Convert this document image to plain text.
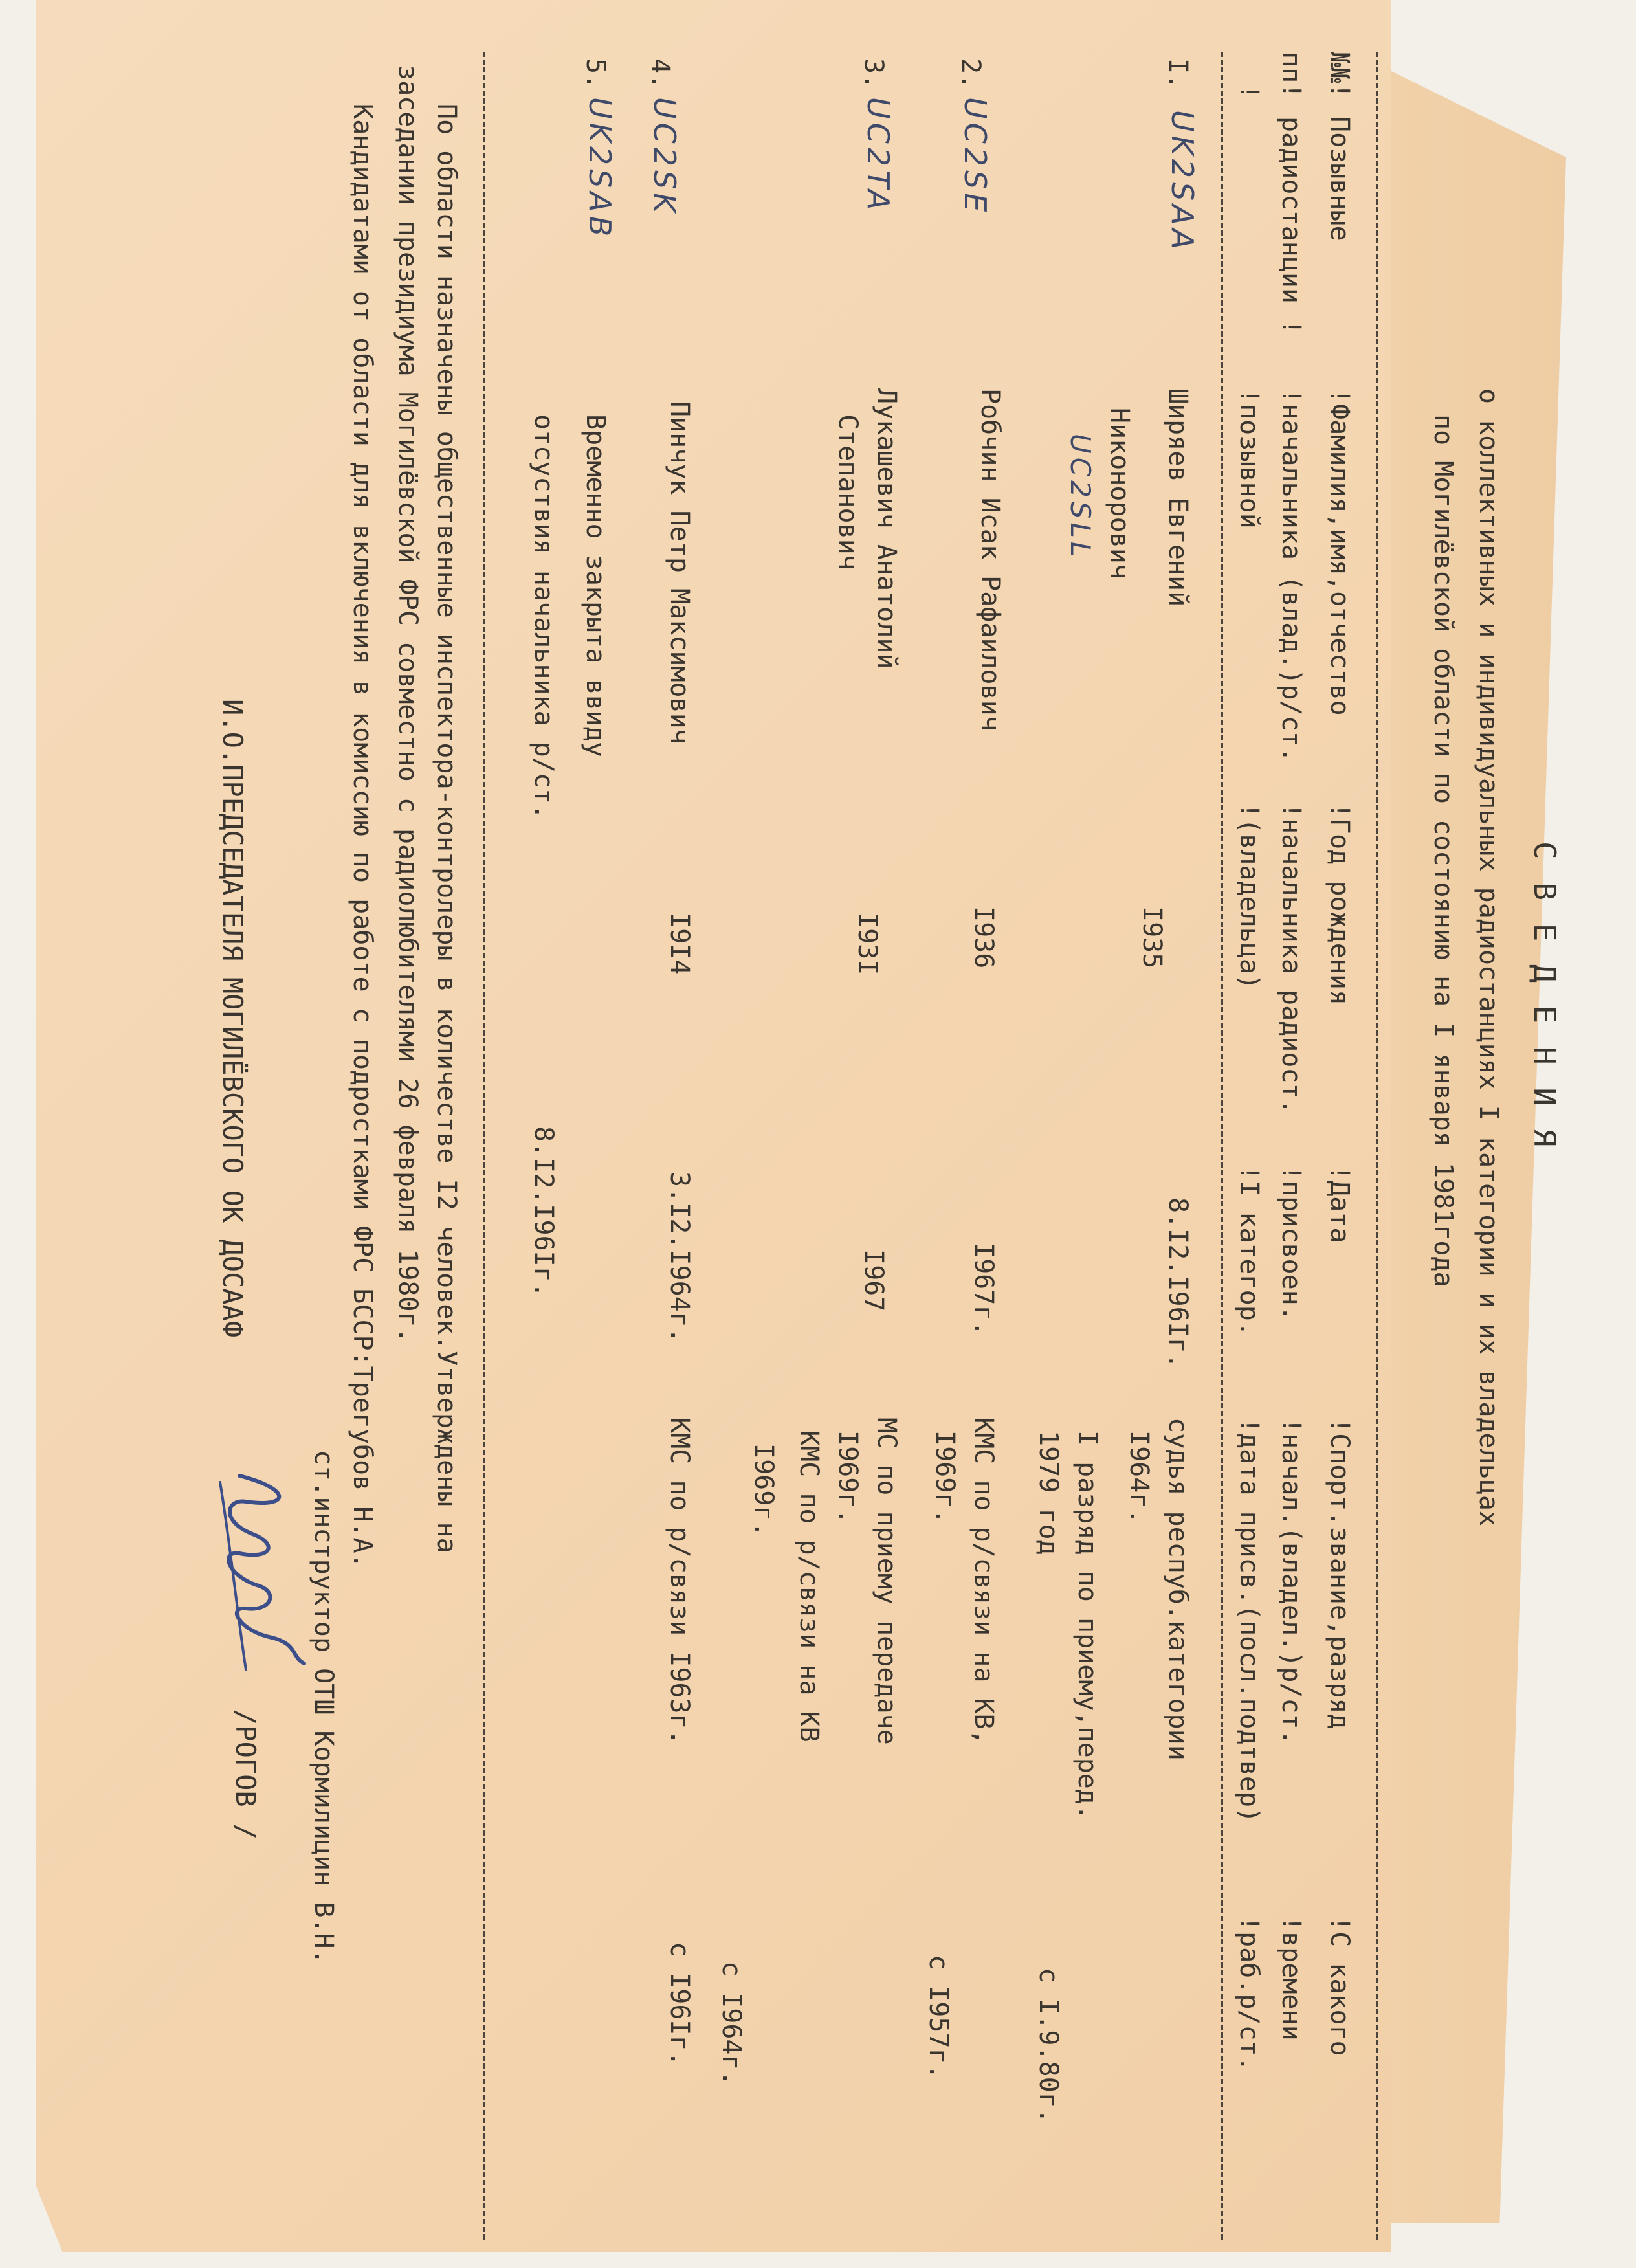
С В Е Д Е Н И Я
о коллективных и индивидуальных радиостанциях I категории и их владельцах
по Могилёвской области по состоянию на I января 1981года
№№!
пп!
!
Позывные
радиостанции !
!Фамилия,имя,отчество
!начальника (влад.)р/ст.
!позывной
!Год рождения
!начальника радиост.
!(владельца)
!Дата
!присвоен.
!I категор.
!Спорт.звание,разряд
!начал.(владел.)р/ст.
!дата присв.(посл.подтвер)
!С какого
!времени
!раб.р/ст.
I.
UK2SAA
Ширяев Евгений
Никонорович
UC2SLL
I935
8.I2.I96Iг.
судья респуб.категории
I964г.
I разряд по приему,перед.
1979 год
с I.9.80г.
2.
UC2SE
Робчин Исак Рафаилович
I936
I967г.
КМС по р/связи на КВ,
I969г.
с I957г.
3.
UC2TA
Лукашевич Анатолий
Степанович
I93I
I967
МС по приему передаче
I969г.
КМС по р/связи на КВ
I969г.
с I964г.
4.
UC2SK
Пинчук Петр Максимович
I9I4
3.I2.I964г.
КМС по р/связи I963г.
с I96Iг.
5.
UK2SAB
Временно закрыта ввиду
отсуствия начальника р/ст.
8.I2.I96Iг.
По области назначены общественные инспектора-контролеры в количестве I2 человек.Утверждены на
заседании президиума Могилёвской ФРС совместно с радиолюбителями 26 февраля 1980г.
Кандидатами от области для включения в комиссию по работе с подростками ФРС БССР:Трегубов Н.А.
ст.инструктор ОТШ Кормилицин В.Н.
И.О.ПРЕДСЕДАТЕЛЯ МОГИЛЁВСКОГО ОК ДОСААФ
/РОГОВ /
